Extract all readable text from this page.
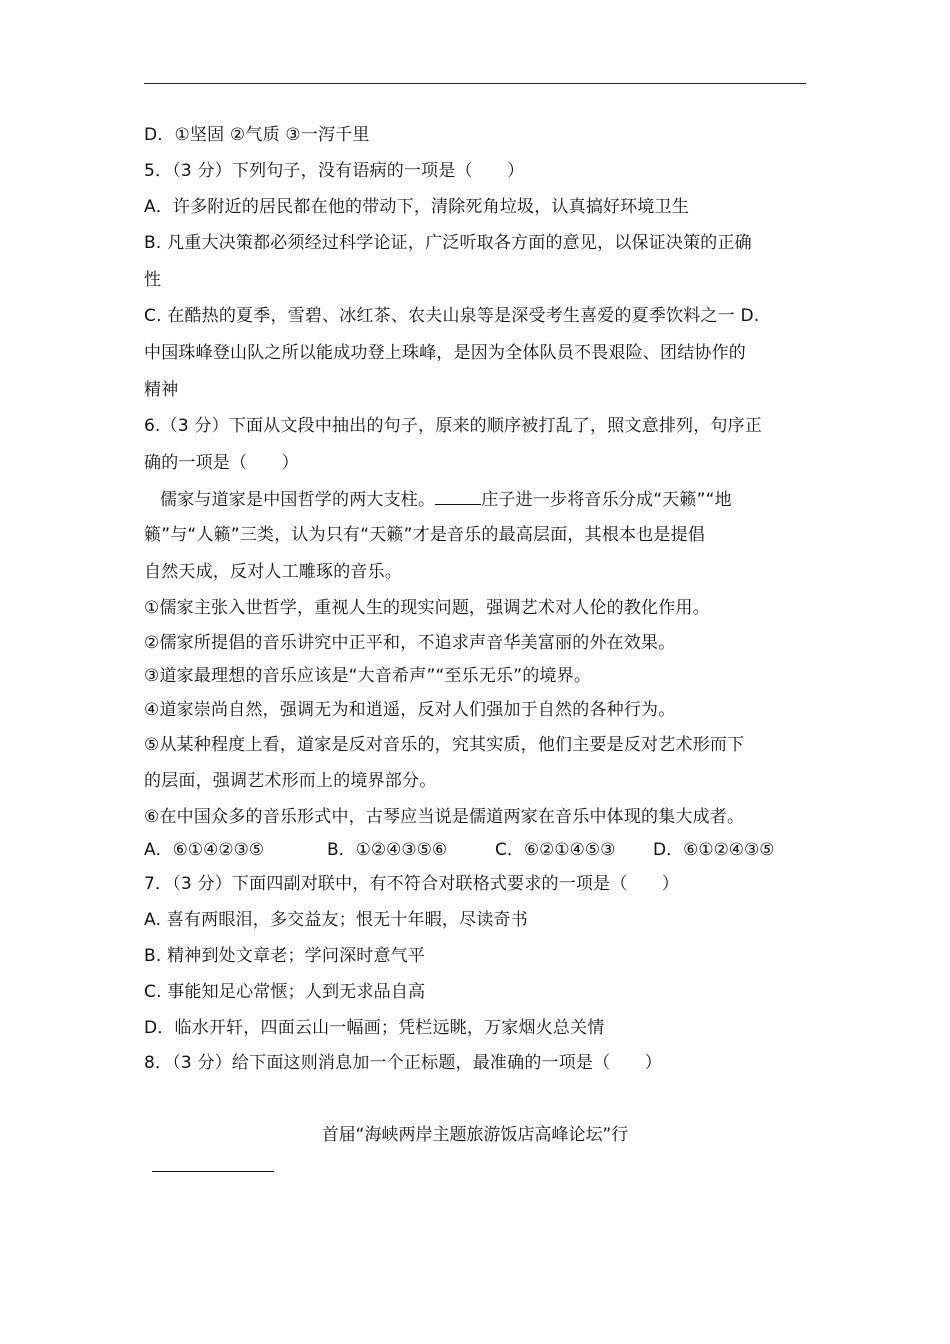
D．①坚固 ②气质 ③一泻千里
5．（3 分）下列句子，没有语病的一项是（　　）
A．许多附近的居民都在他的带动下，清除死角垃圾，认真搞好环境卫生
B. 凡重大决策都必须经过科学论证，广泛听取各方面的意见，以保证决策的正确
性
C. 在酷热的夏季，雪碧、冰红茶、农夫山泉等是深受考生喜爱的夏季饮料之一 D.
中国珠峰登山队之所以能成功登上珠峰，是因为全体队员不畏艰险、团结协作的
精神
6.（3 分）下面从文段中抽出的句子，原来的顺序被打乱了，照文意排列，句序正
确的一项是（　　）
儒家与道家是中国哲学的两大支柱。	庄子进一步将音乐分成“天籁”“地
籁”与“人籁”三类，认为只有“天籁”才是音乐的最高层面，其根本也是提倡
自然天成，反对人工雕琢的音乐。
①儒家主张入世哲学，重视人生的现实问题，强调艺术对人伦的教化作用。
②儒家所提倡的音乐讲究中正平和，不追求声音华美富丽的外在效果。
③道家最理想的音乐应该是“大音希声”“至乐无乐”的境界。
④道家崇尚自然，强调无为和逍遥，反对人们强加于自然的各种行为。
⑤从某种程度上看，道家是反对音乐的，究其实质，他们主要是反对艺术形而下
的层面，强调艺术形而上的境界部分。
⑥在中国众多的音乐形式中，古琴应当说是儒道两家在音乐中体现的集大成者。
A．⑥①④②③⑤	B．①②④③⑤⑥	C．⑥②①④⑤③ D．⑥①②④③⑤
7．（3 分）下面四副对联中，有不符合对联格式要求的一项是（　　）
A. 喜有两眼泪，多交益友；恨无十年暇，尽读奇书
B. 精神到处文章老；学问深时意气平
C. 事能知足心常惬；人到无求品自高
D．临水开轩，四面云山一幅画；凭栏远眺，万家烟火总关情
8．（3 分）给下面这则消息加一个正标题，最准确的一项是（　　）
首届“海峡两岸主题旅游饭店高峰论坛”行
